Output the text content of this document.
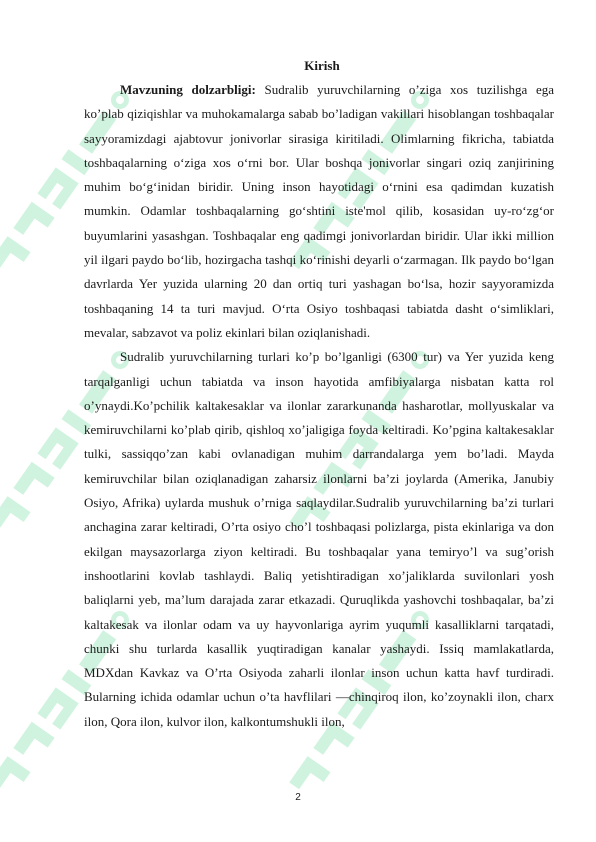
Kirish

Mavzuning dolzarbligi: Sudralib yuruvchilarning o’ziga xos tuzilishga ega ko’plab qiziqishlar va muhokamalarga sabab bo’ladigan vakillari hisoblangan toshbaqalar sayyoramizdagi ajabtovur jonivorlar sirasiga kiritiladi. Olimlarning fikricha, tabiatda toshbaqalarning o‘ziga xos o‘rni bor. Ular boshqa jonivorlar singari oziq zanjirining muhim bo‘g‘inidan biridir. Uning inson hayotidagi o‘rnini esa qadimdan kuzatish mumkin. Odamlar toshbaqalarning go‘shtini iste'mol qilib, kosasidan uy-ro‘zg‘or buyumlarini yasashgan. Toshbaqalar eng qadimgi jonivorlardan biridir. Ular ikki million yil ilgari paydo bo‘lib, hozirgacha tashqi ko‘rinishi deyarli o‘zarmagan. Ilk paydo bo‘lgan davrlarda Yer yuzida ularning 20 dan ortiq turi yashagan bo‘lsa, hozir sayyoramizda toshbaqaning 14 ta turi mavjud. O‘rta Osiyo toshbaqasi tabiatda dasht o‘simliklari, mevalar, sabzavot va poliz ekinlari bilan oziqlanishadi.

Sudralib yuruvchilarning turlari ko’p bo’lganligi (6300 tur) va Yer yuzida keng tarqalganligi uchun tabiatda va inson hayotida amfibiyalarga nisbatan katta rol o’ynaydi.Ko’pchilik kaltakesaklar va ilonlar zararkunanda hasharotlar, mollyuskalar va kemiruvchilarni ko’plab qirib, qishloq xo’jaligiga foyda keltiradi. Ko’pgina kaltakesaklar tulki, sassiqqo’zan kabi ovlanadigan muhim darrandalarga yem bo’ladi. Mayda kemiruvchilar bilan oziqlanadigan zaharsiz ilonlarni ba’zi joylarda (Amerika, Janubiy Osiyo, Afrika) uylarda mushuk o’rniga saqlaydilar.Sudralib yuruvchilarning ba’zi turlari anchagina zarar keltiradi, O’rta osiyo cho’l toshbaqasi polizlarga, pista ekinlariga va don ekilgan maysazorlarga ziyon keltiradi. Bu toshbaqalar yana temiryo’l va sug’orish inshootlarini kovlab tashlaydi. Baliq yetishtiradigan xo’jaliklarda suvilonlari yosh baliqlarni yeb, ma’lum darajada zarar etkazadi. Quruqlikda yashovchi toshbaqalar, ba’zi kaltakesak va ilonlar odam va uy hayvonlariga ayrim yuqumli kasalliklarni tarqatadi, chunki shu turlarda kasallik yuqtiradigan kanalar yashaydi. Issiq mamlakatlarda, MDXdan Kavkaz va O’rta Osiyoda zaharli ilonlar inson uchun katta havf turdiradi. Bularning ichida odamlar uchun o’ta havflilari —chinqiroq ilon, ko’zoynakli ilon, charx ilon, Qora ilon, kulvor ilon, kalkontumshukli ilon,

2
